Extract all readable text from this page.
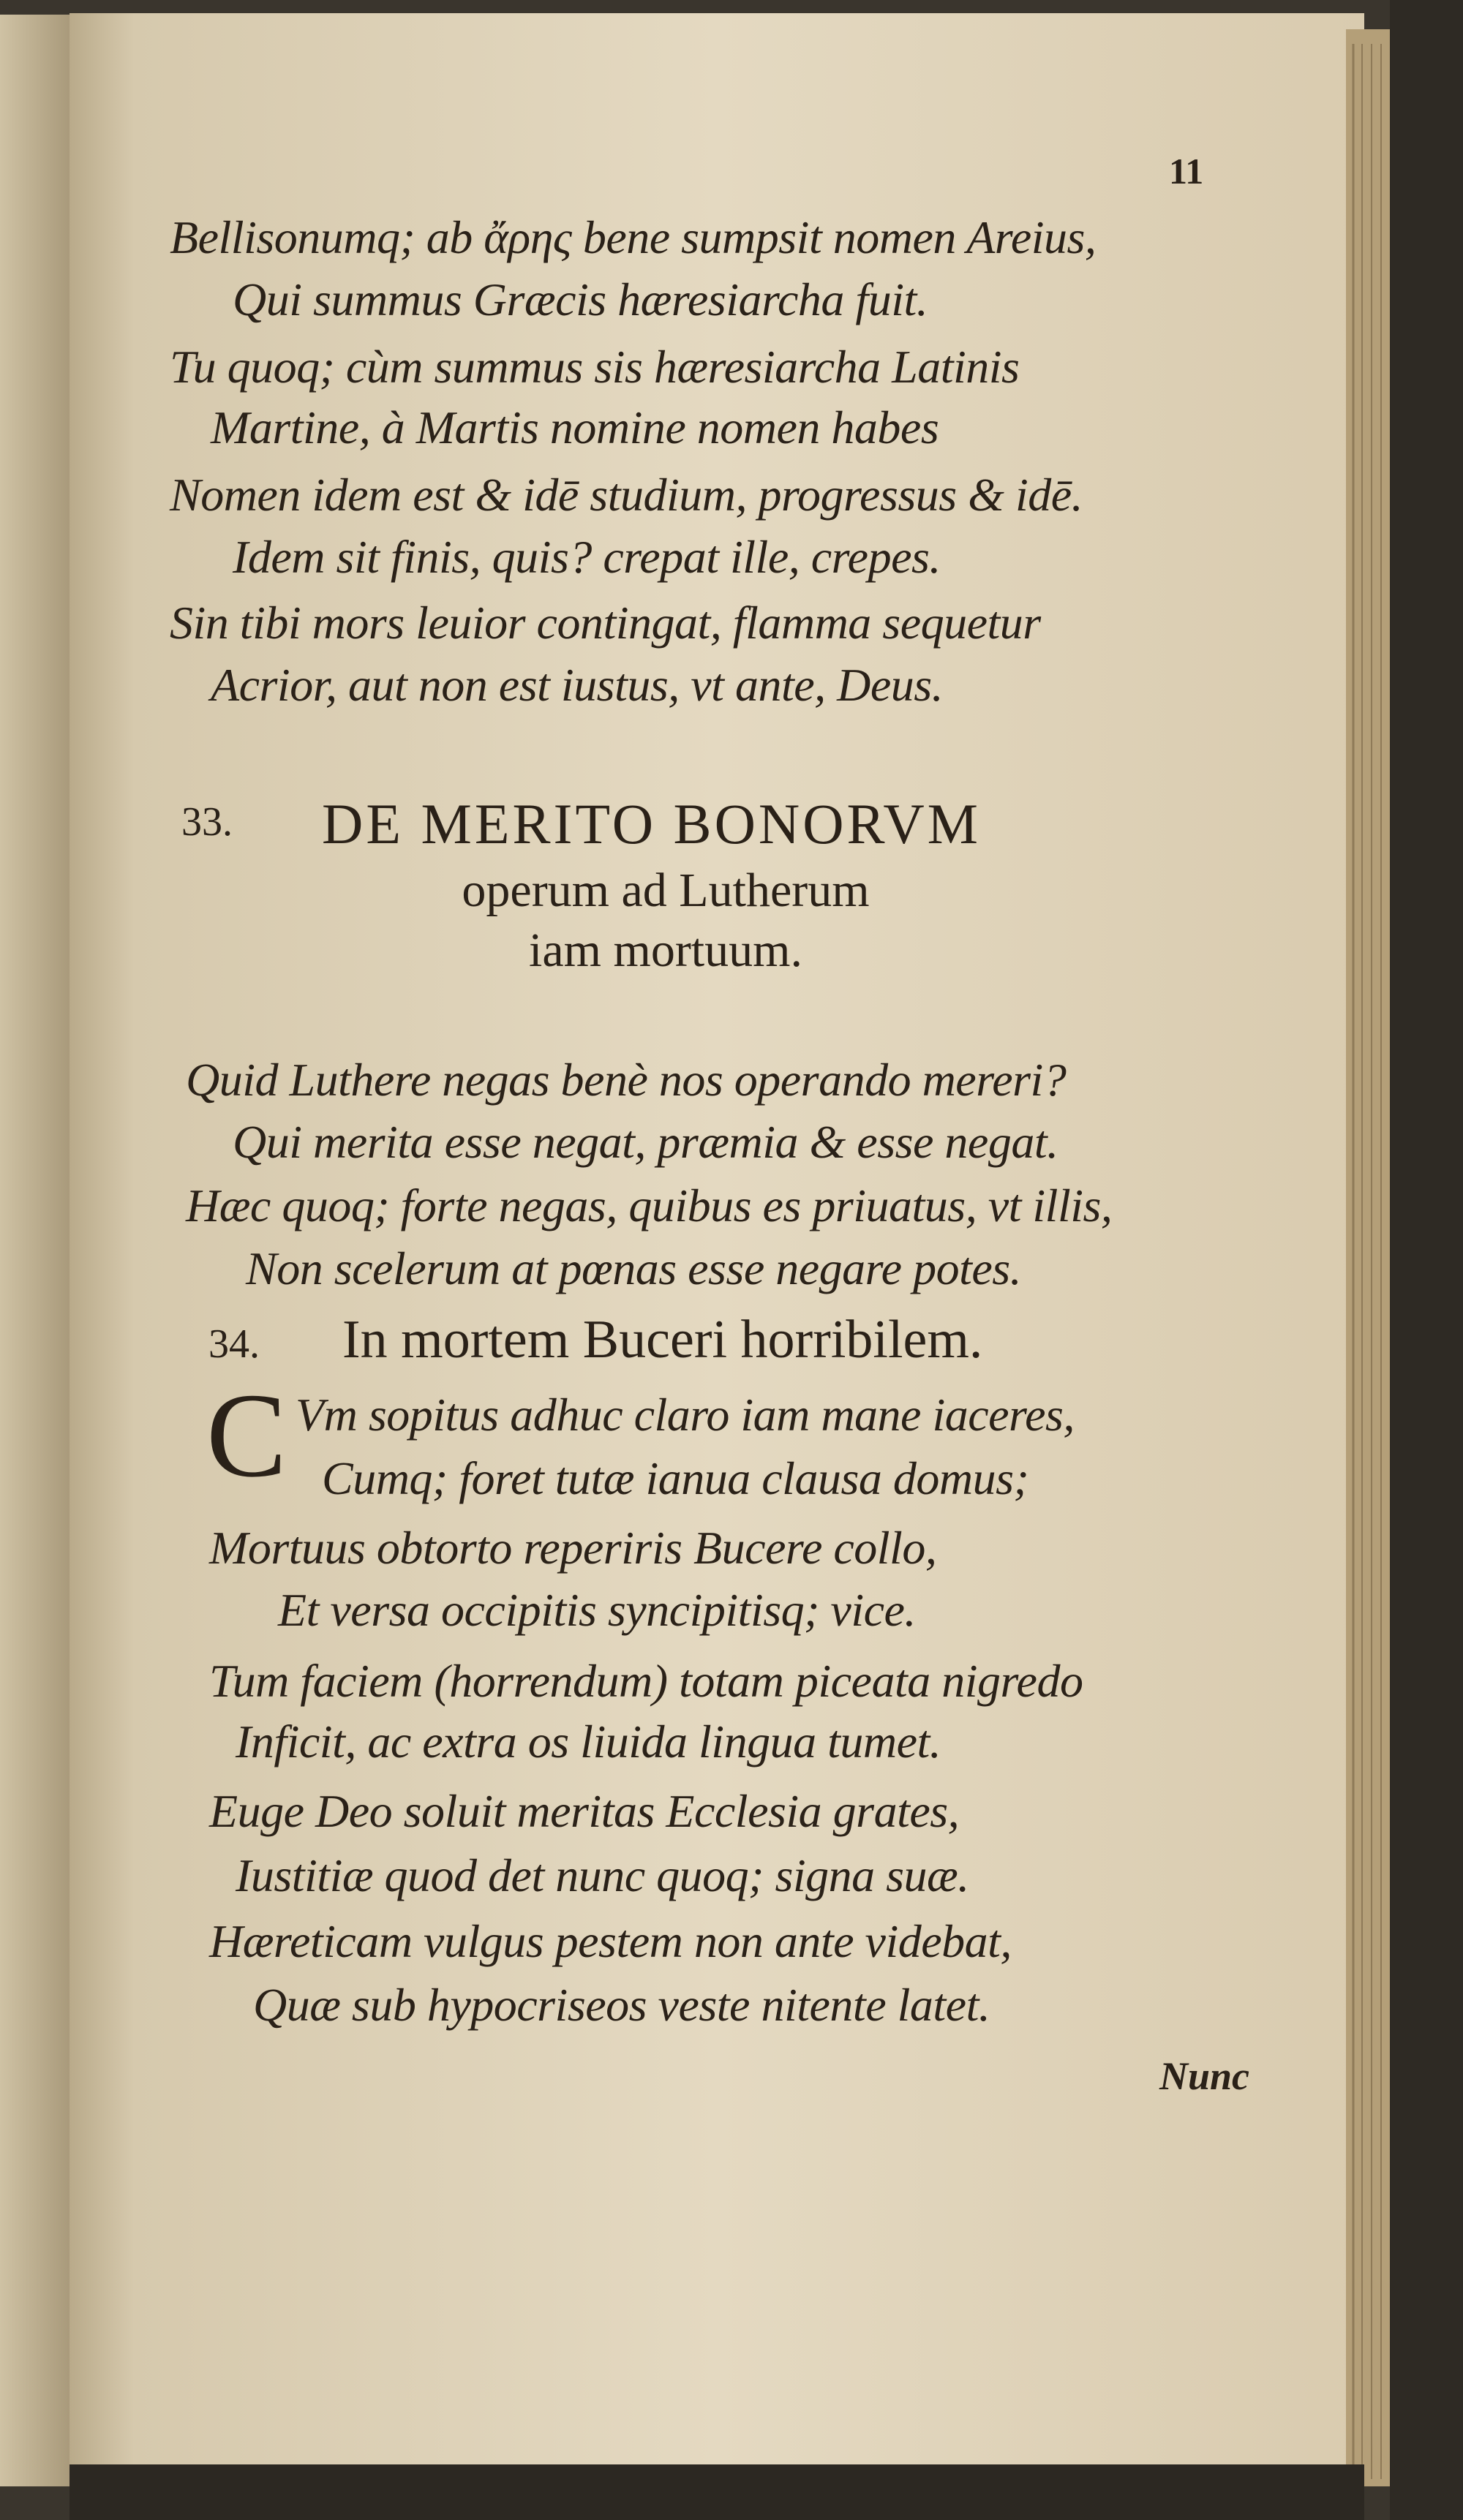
11
Bellisonumq; ab ἄρης bene sumpsit nomen Areius,
Qui summus Græcis hæresiarcha fuit.
Tu quoq; cùm summus sis hæresiarcha Latinis
Martine, à Martis nomine nomen habes
Nomen idem est & idē studium, progressus & idē.
Idem sit finis, quis? crepat ille, crepes.
Sin tibi mors leuior contingat, flamma sequetur
Acrior, aut non est iustus, vt ante, Deus.
33. DE MERITO BONORVM
operum ad Lutherum
iam mortuum.
Quid Luthere negas benè nos operando mereri?
Qui merita esse negat, præmia & esse negat.
Hæc quoq; forte negas, quibus es priuatus, vt illis,
Non scelerum at pœnas esse negare potes.
34. In mortem Buceri horribilem.
C Vm sopitus adhuc claro iam mane iaceres,
Cumq; foret tutæ ianua clausa domus;
Mortuus obtorto reperiris Bucere collo,
Et versa occipitis syncipitisq; vice.
Tum faciem (horrendum) totam piceata nigredo
Inficit, ac extra os liuida lingua tumet.
Euge Deo soluit meritas Ecclesia grates,
Iustitiæ quod det nunc quoq; signa suæ.
Hæreticam vulgus pestem non ante videbat,
Quæ sub hypocriseos veste nitente latet.
Nunc
